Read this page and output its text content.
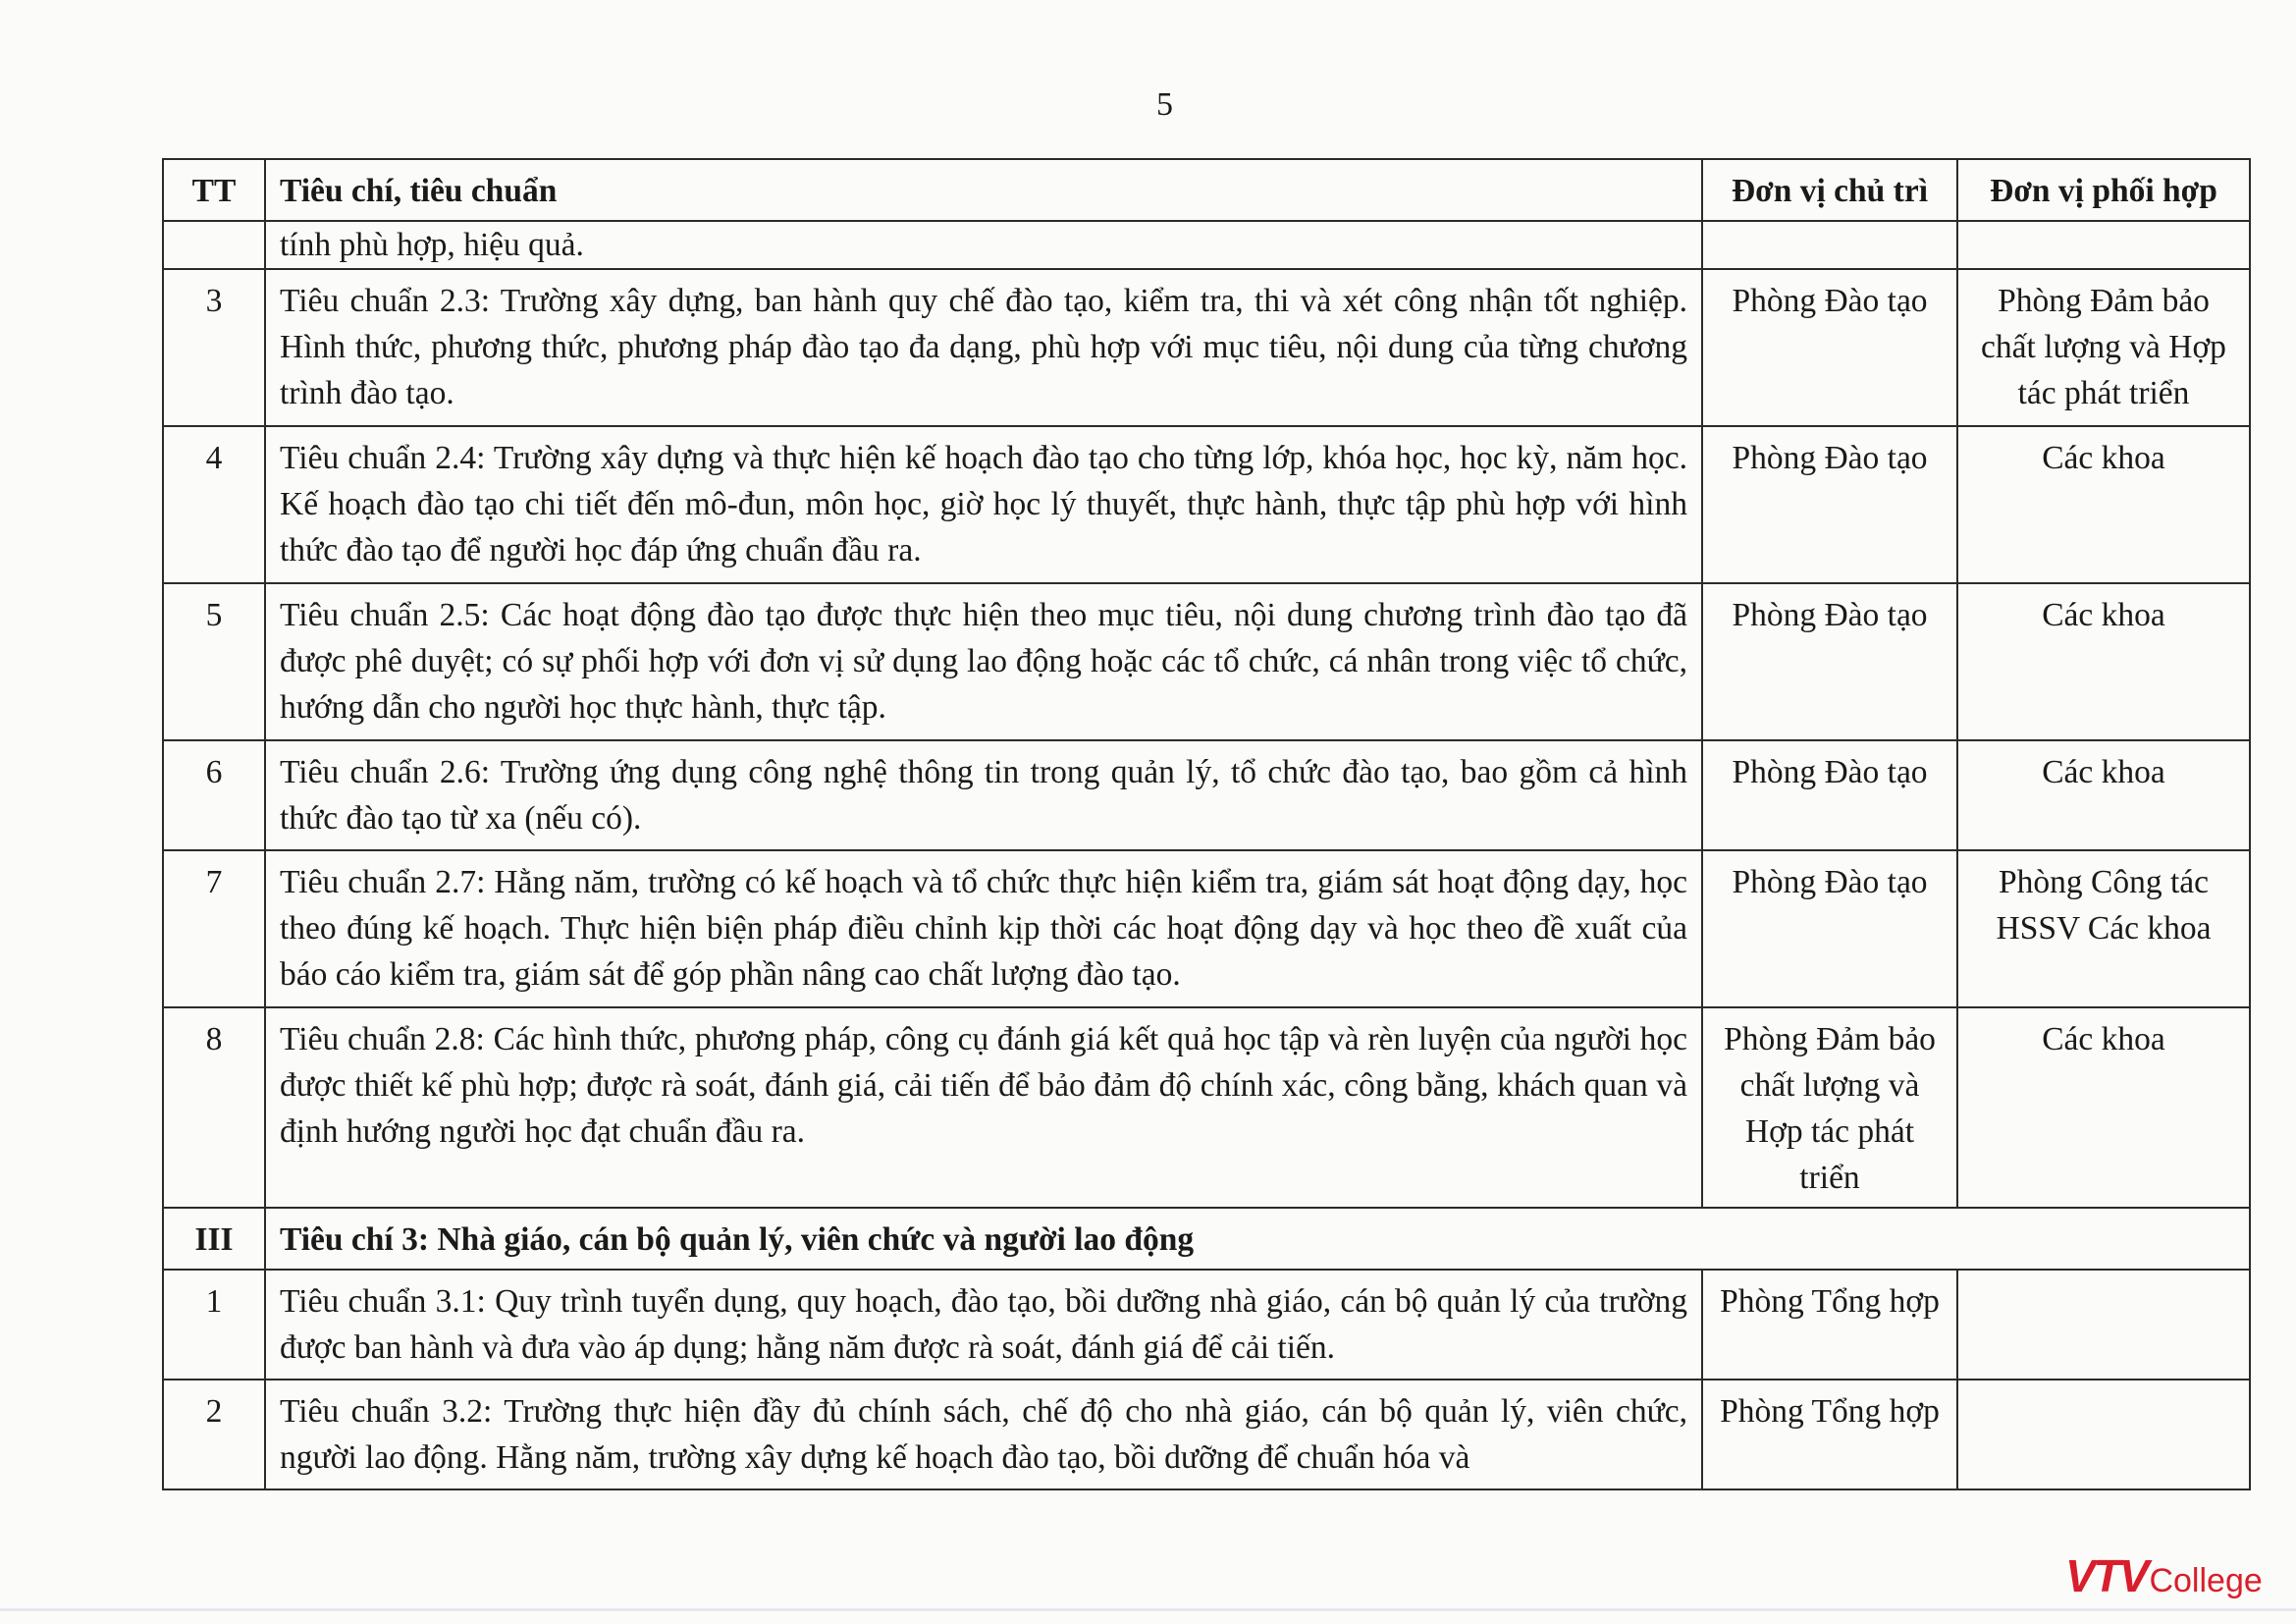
5
TT	Tiêu chí, tiêu chuẩn	Đơn vị chủ trì	Đơn vị phối hợp
	tính phù hợp, hiệu quả.		
3	Tiêu chuẩn 2.3: Trường xây dựng, ban hành quy chế đào tạo, kiểm tra, thi và xét công nhận tốt nghiệp. Hình thức, phương thức, phương pháp đào tạo đa dạng, phù hợp với mục tiêu, nội dung của từng chương trình đào tạo.	Phòng Đào tạo	Phòng Đảm bảo chất lượng và Hợp tác phát triển
4	Tiêu chuẩn 2.4: Trường xây dựng và thực hiện kế hoạch đào tạo cho từng lớp, khóa học, học kỳ, năm học. Kế hoạch đào tạo chi tiết đến mô-đun, môn học, giờ học lý thuyết, thực hành, thực tập phù hợp với hình thức đào tạo để người học đáp ứng chuẩn đầu ra.	Phòng Đào tạo	Các khoa
5	Tiêu chuẩn 2.5: Các hoạt động đào tạo được thực hiện theo mục tiêu, nội dung chương trình đào tạo đã được phê duyệt; có sự phối hợp với đơn vị sử dụng lao động hoặc các tổ chức, cá nhân trong việc tổ chức, hướng dẫn cho người học thực hành, thực tập.	Phòng Đào tạo	Các khoa
6	Tiêu chuẩn 2.6: Trường ứng dụng công nghệ thông tin trong quản lý, tổ chức đào tạo, bao gồm cả hình thức đào tạo từ xa (nếu có).	Phòng Đào tạo	Các khoa
7	Tiêu chuẩn 2.7: Hằng năm, trường có kế hoạch và tổ chức thực hiện kiểm tra, giám sát hoạt động dạy, học theo đúng kế hoạch. Thực hiện biện pháp điều chỉnh kịp thời các hoạt động dạy và học theo đề xuất của báo cáo kiểm tra, giám sát để góp phần nâng cao chất lượng đào tạo.	Phòng Đào tạo	Phòng Công tác HSSV Các khoa
8	Tiêu chuẩn 2.8: Các hình thức, phương pháp, công cụ đánh giá kết quả học tập và rèn luyện của người học được thiết kế phù hợp; được rà soát, đánh giá, cải tiến để bảo đảm độ chính xác, công bằng, khách quan và định hướng người học đạt chuẩn đầu ra.	Phòng Đảm bảo chất lượng và Hợp tác phát triển	Các khoa
III	Tiêu chí 3: Nhà giáo, cán bộ quản lý, viên chức và người lao động		
1	Tiêu chuẩn 3.1: Quy trình tuyển dụng, quy hoạch, đào tạo, bồi dưỡng nhà giáo, cán bộ quản lý của trường được ban hành và đưa vào áp dụng; hằng năm được rà soát, đánh giá để cải tiến.	Phòng Tổng hợp	
2	Tiêu chuẩn 3.2: Trường thực hiện đầy đủ chính sách, chế độ cho nhà giáo, cán bộ quản lý, viên chức, người lao động. Hằng năm, trường xây dựng kế hoạch đào tạo, bồi dưỡng để chuẩn hóa và	Phòng Tổng hợp	
VTV College
